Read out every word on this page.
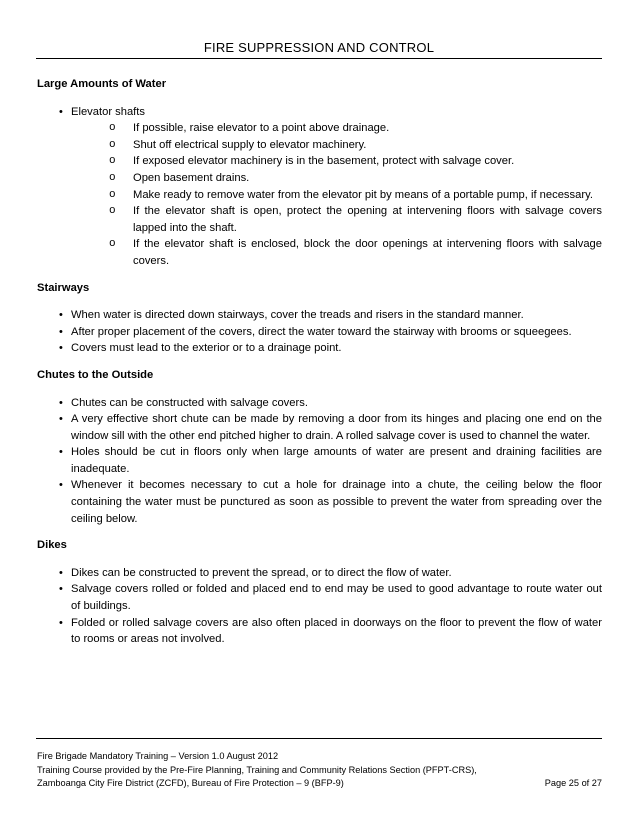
FIRE SUPPRESSION AND CONTROL
Large Amounts of Water
• Elevator shafts
o If possible, raise elevator to a point above drainage.
o Shut off electrical supply to elevator machinery.
o If exposed elevator machinery is in the basement, protect with salvage cover.
o Open basement drains.
o Make ready to remove water from the elevator pit by means of a portable pump, if necessary.
o If the elevator shaft is open, protect the opening at intervening floors with salvage covers lapped into the shaft.
o If the elevator shaft is enclosed, block the door openings at intervening floors with salvage covers.
Stairways
• When water is directed down stairways, cover the treads and risers in the standard manner.
• After proper placement of the covers, direct the water toward the stairway with brooms or squeegees.
• Covers must lead to the exterior or to a drainage point.
Chutes to the Outside
• Chutes can be constructed with salvage covers.
• A very effective short chute can be made by removing a door from its hinges and placing one end on the window sill with the other end pitched higher to drain. A rolled salvage cover is used to channel the water.
• Holes should be cut in floors only when large amounts of water are present and draining facilities are inadequate.
• Whenever it becomes necessary to cut a hole for drainage into a chute, the ceiling below the floor containing the water must be punctured as soon as possible to prevent the water from spreading over the ceiling below.
Dikes
• Dikes can be constructed to prevent the spread, or to direct the flow of water.
• Salvage covers rolled or folded and placed end to end may be used to good advantage to route water out of buildings.
• Folded or rolled salvage covers are also often placed in doorways on the floor to prevent the flow of water to rooms or areas not involved.
Fire Brigade Mandatory Training – Version 1.0 August 2012
Training Course provided by the Pre-Fire Planning, Training and Community Relations Section (PFPT-CRS),
Zamboanga City Fire District (ZCFD), Bureau of Fire Protection – 9 (BFP-9)	Page 25 of 27
